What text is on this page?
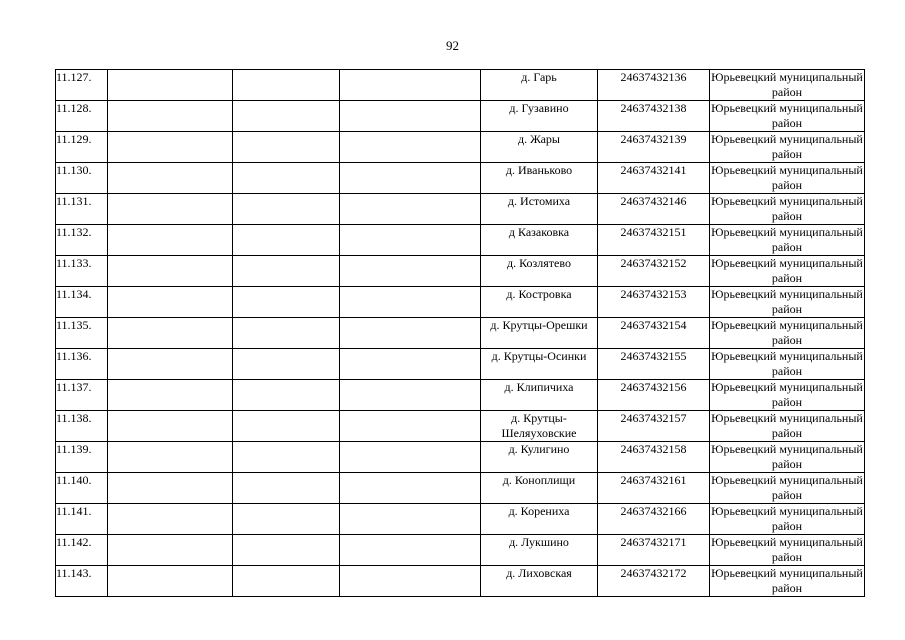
92
11.127.				д. Гарь	24637432136	Юрьевецкий муниципальный район
11.128.				д. Гузавино	24637432138	Юрьевецкий муниципальный район
11.129.				д. Жары	24637432139	Юрьевецкий муниципальный район
11.130.				д. Иваньково	24637432141	Юрьевецкий муниципальный район
11.131.				д. Истомиха	24637432146	Юрьевецкий муниципальный район
11.132.				д Казаковка	24637432151	Юрьевецкий муниципальный район
11.133.				д. Козлятево	24637432152	Юрьевецкий муниципальный район
11.134.				д. Костровка	24637432153	Юрьевецкий муниципальный район
11.135.				д. Крутцы-Орешки	24637432154	Юрьевецкий муниципальный район
11.136.				д. Крутцы-Осинки	24637432155	Юрьевецкий муниципальный район
11.137.				д. Клипичиха	24637432156	Юрьевецкий муниципальный район
11.138.				д. Крутцы-Шеляуховские	24637432157	Юрьевецкий муниципальный район
11.139.				д. Кулигино	24637432158	Юрьевецкий муниципальный район
11.140.				д. Коноплищи	24637432161	Юрьевецкий муниципальный район
11.141.				д. Корениха	24637432166	Юрьевецкий муниципальный район
11.142.				д. Лукшино	24637432171	Юрьевецкий муниципальный район
11.143.				д. Лиховская	24637432172	Юрьевецкий муниципальный район
